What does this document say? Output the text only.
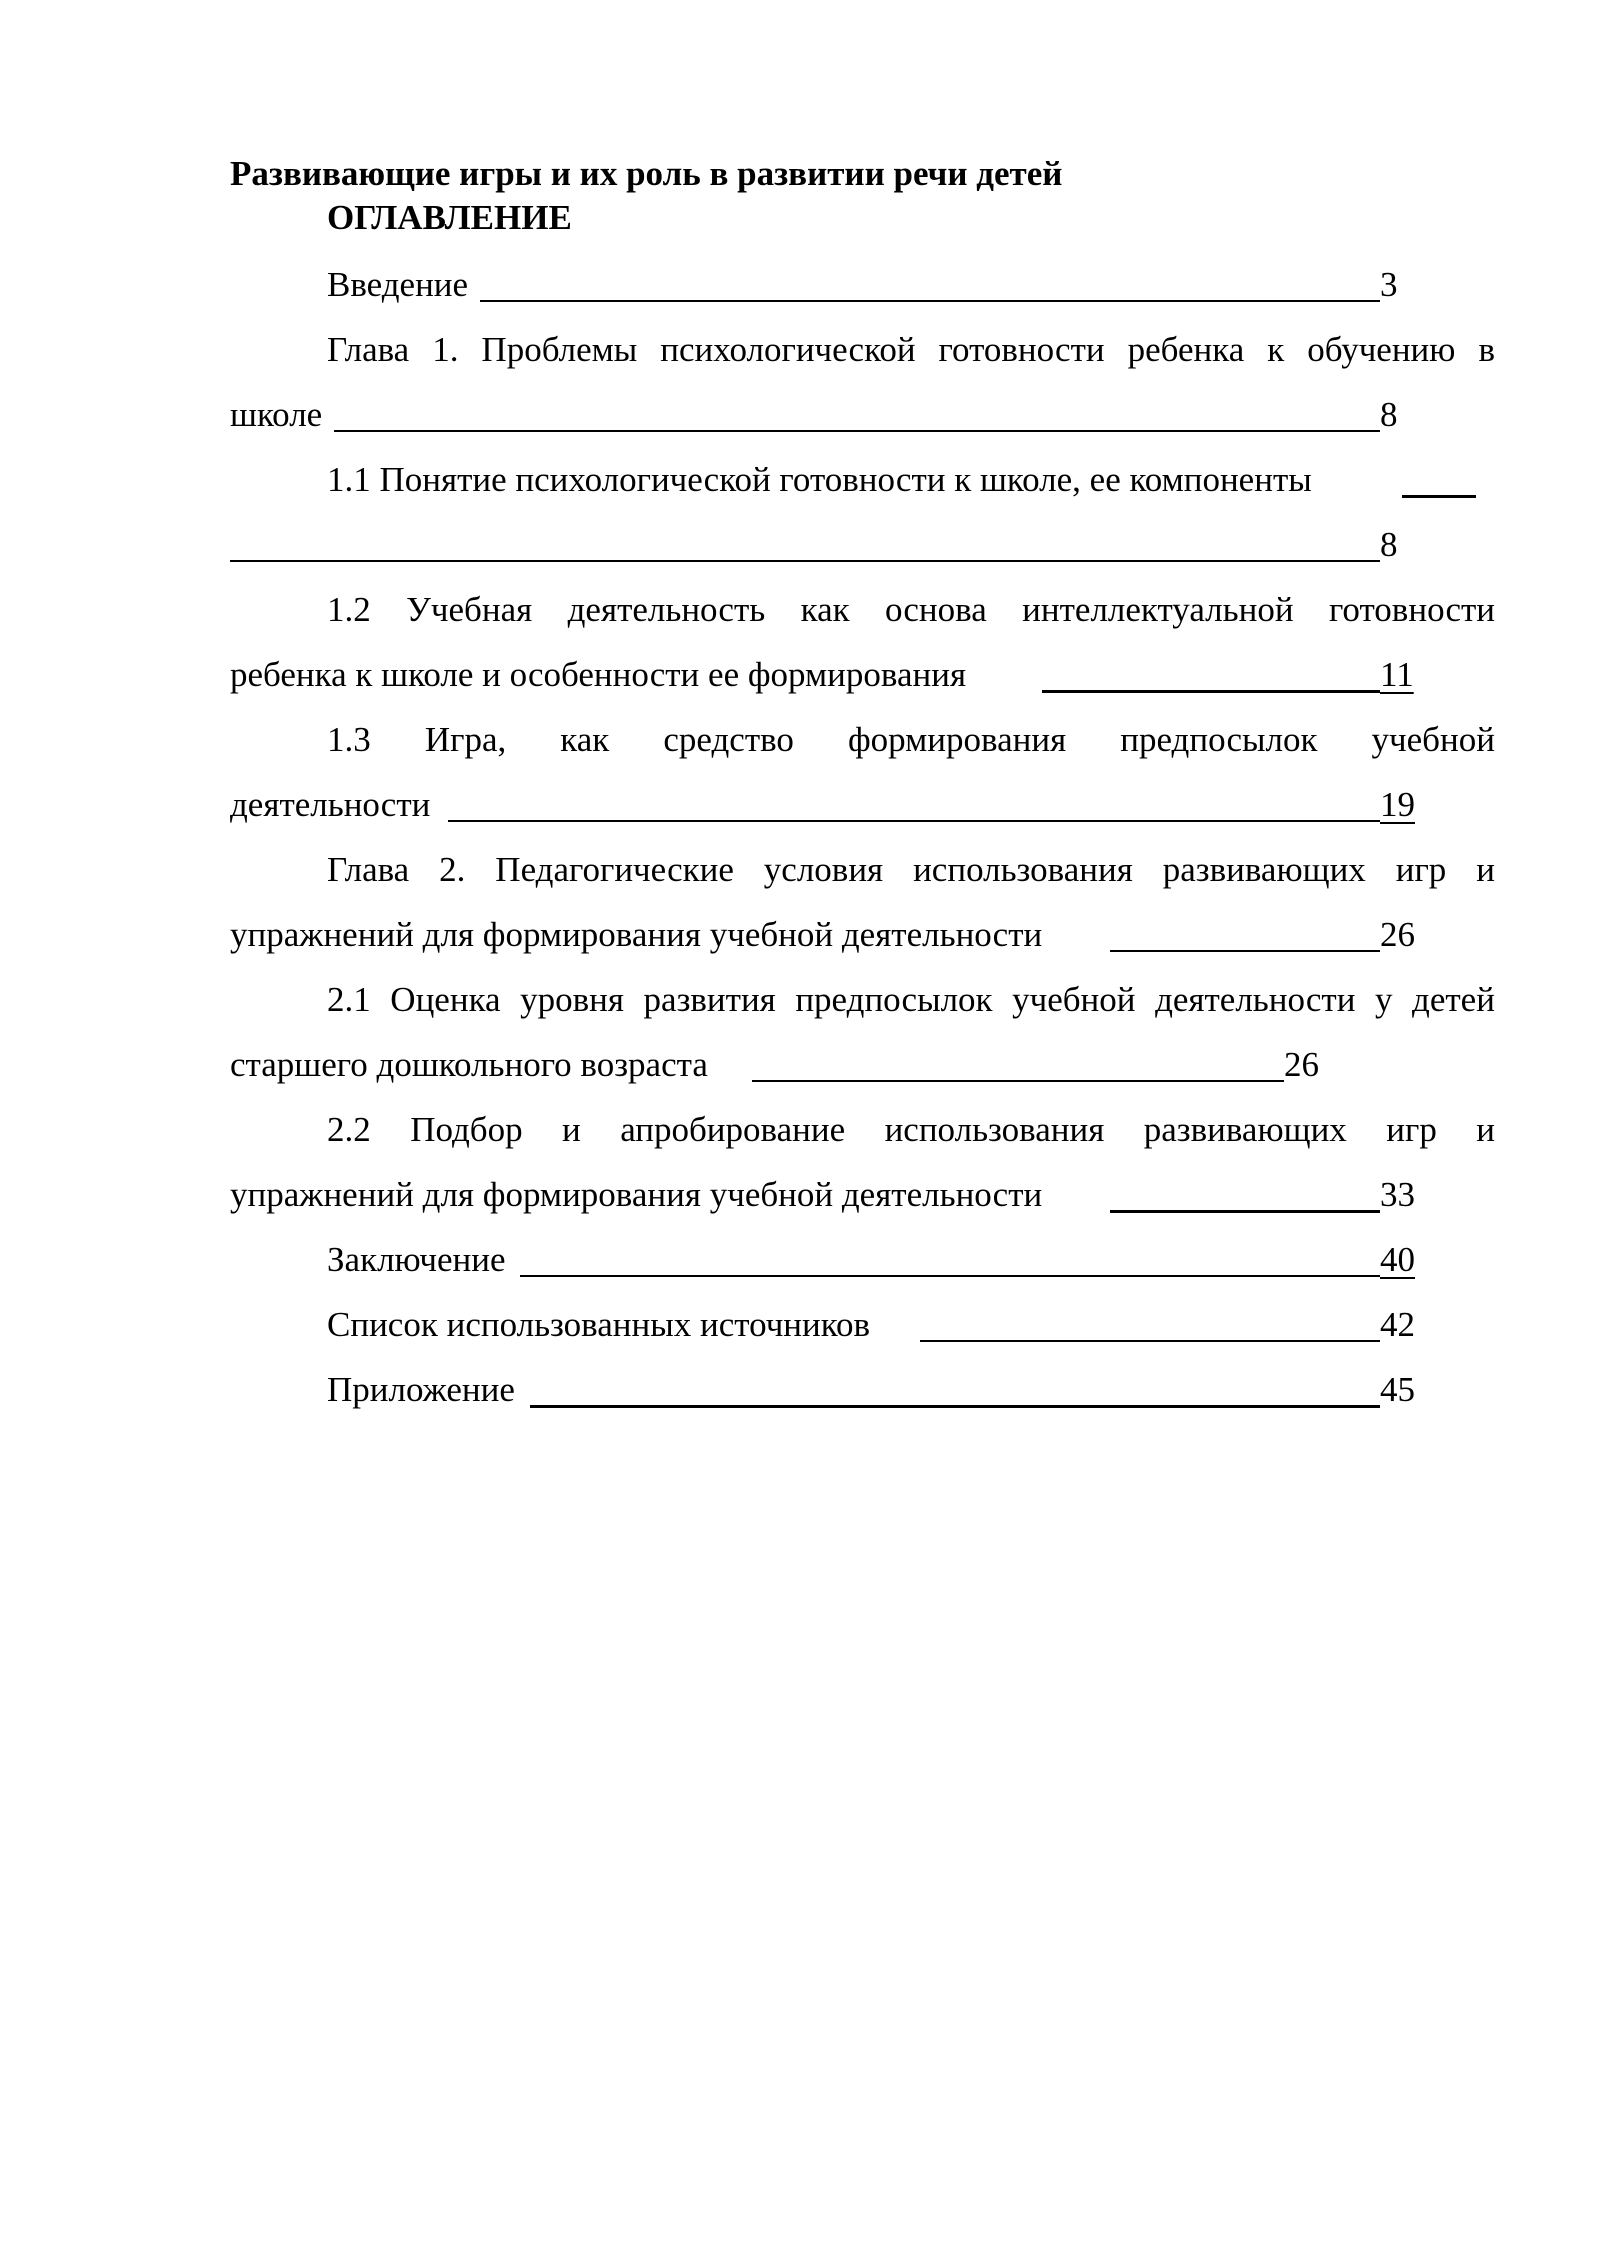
Развивающие игры и их роль в развитии речи детей
ОГЛАВЛЕНИЕ
Введение	3
Глава 1. Проблемы психологической готовности ребенка к обучению в
школе	8
1.1 Понятие психологической готовности к школе, ее компоненты
8
1.2 Учебная деятельность как основа интеллектуальной готовности
ребенка к школе и особенности ее формирования	11
1.3 Игра, как средство формирования предпосылок учебной
деятельности	19
Глава 2. Педагогические условия использования развивающих игр и
упражнений для формирования учебной деятельности	26
2.1 Оценка уровня развития предпосылок учебной деятельности у детей
старшего дошкольного возраста	26
2.2 Подбор и апробирование использования развивающих игр и
упражнений для формирования учебной деятельности	33
Заключение	40
Список использованных источников	42
Приложение	45
